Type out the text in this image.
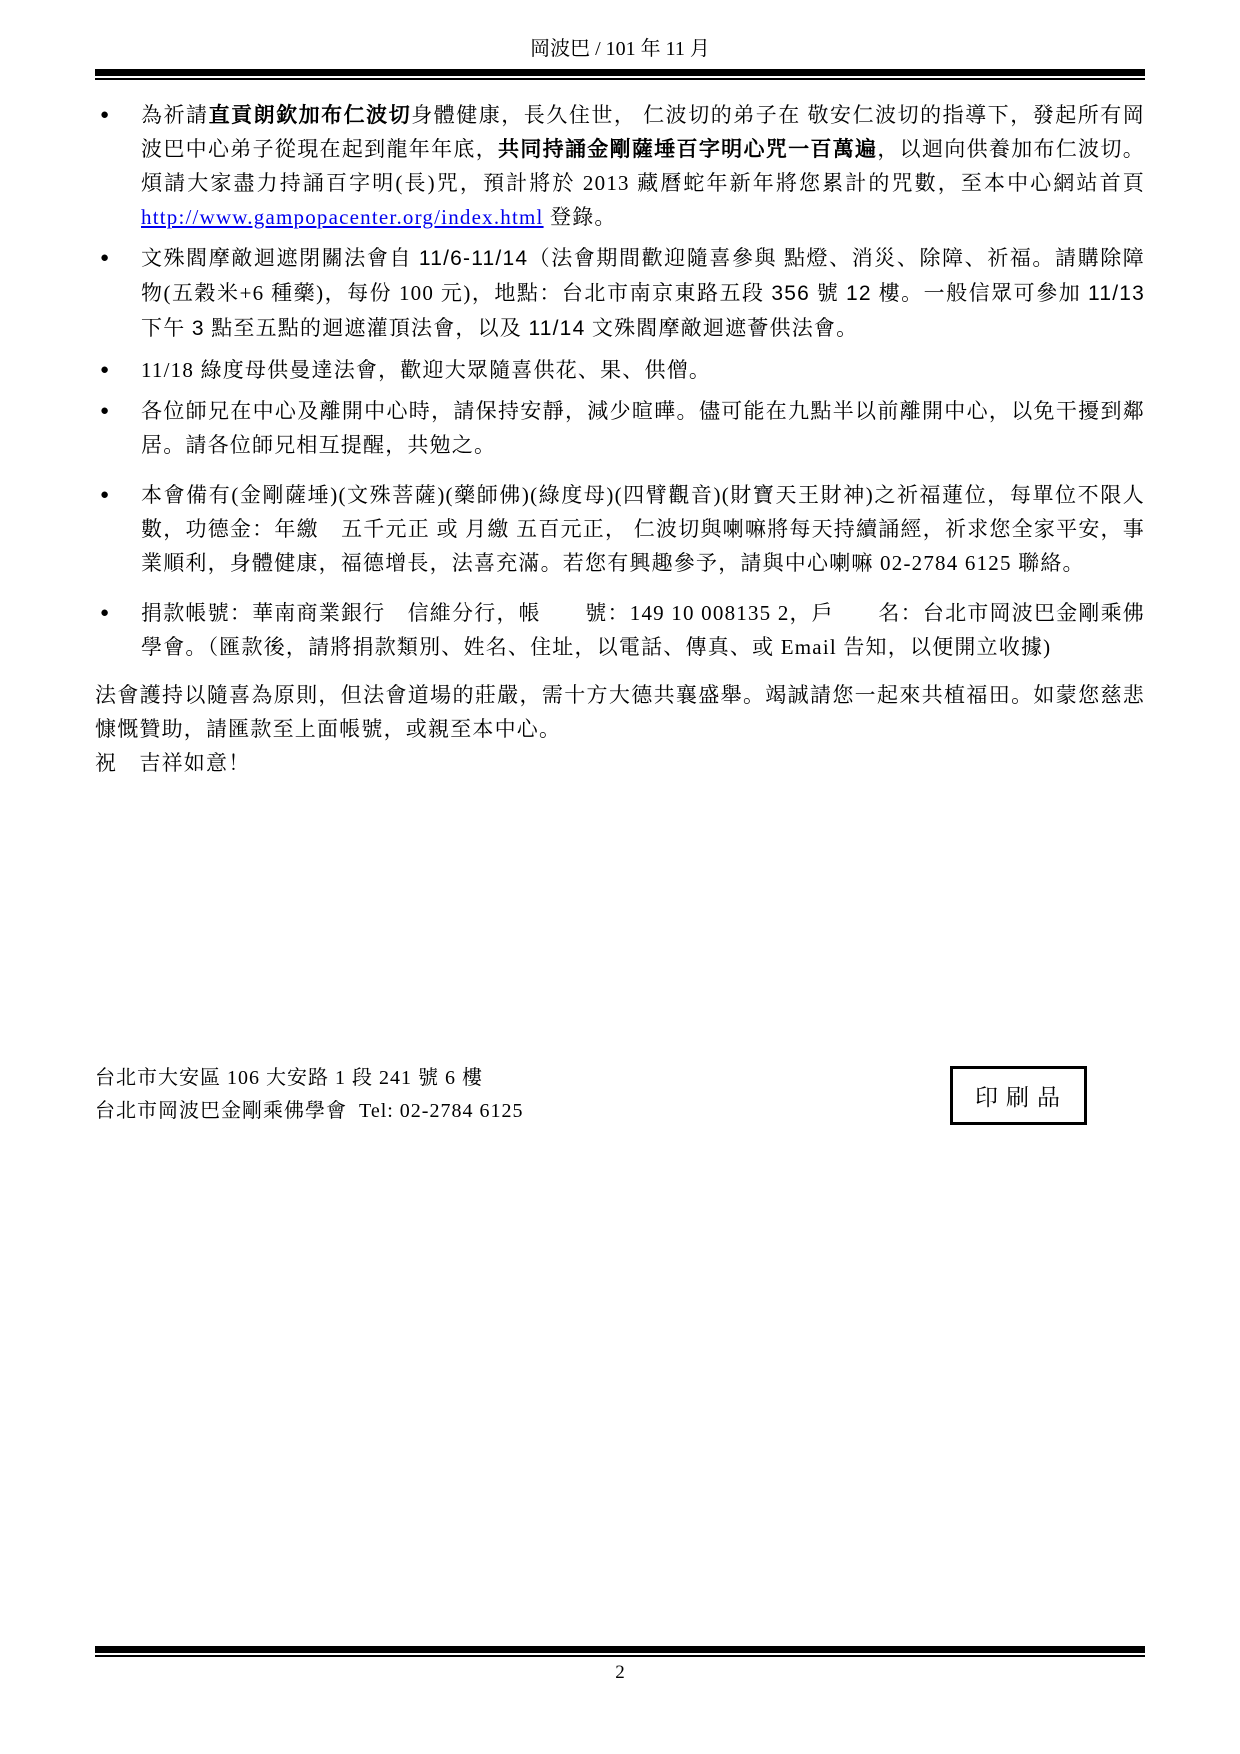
岡波巴 / 101 年 11 月
● 為祈請直貢朗欽加布仁波切身體健康，長久住世， 仁波切的弟子在 敬安仁波切的指導下，發起所有岡波巴中心弟子從現在起到龍年年底，共同持誦金剛薩埵百字明心咒一百萬遍，以迴向供養加布仁波切。 煩請大家盡力持誦百字明(長)咒，預計將於 2013 藏曆蛇年新年將您累計的咒數，至本中心網站首頁 http://www.gampopacenter.org/index.html 登錄。
● 文殊閻摩敵迴遮閉關法會自 11/6-11/14（法會期間歡迎隨喜參與 點燈、消災、除障、祈福。請購除障物(五穀米+6 種藥)，每份 100 元)，地點：台北市南京東路五段 356 號 12 樓。一般信眾可參加 11/13 下午 3 點至五點的迴遮灌頂法會，以及 11/14 文殊閻摩敵迴遮薈供法會。
● 11/18 綠度母供曼達法會，歡迎大眾隨喜供花、果、供僧。
● 各位師兄在中心及離開中心時，請保持安靜，減少暄曄。儘可能在九點半以前離開中心，以免干擾到鄰居。請各位師兄相互提醒，共勉之。
● 本會備有(金剛薩埵)(文殊菩薩)(藥師佛)(綠度母)(四臂觀音)(財寶天王財神)之祈福蓮位，每單位不限人數，功德金：年繳　五千元正 或 月繳 五百元正， 仁波切與喇嘛將每天持續誦經，祈求您全家平安，事業順利，身體健康，福德增長，法喜充滿。若您有興趣參予，請與中心喇嘛 02-2784 6125 聯絡。
● 捐款帳號：華南商業銀行　信維分行，帳　　號：149 10 008135 2，戶　　名：台北市岡波巴金剛乘佛學會。（匯款後，請將捐款類別、姓名、住址，以電話、傳真、或 Email 告知，以便開立收據)

法會護持以隨喜為原則，但法會道場的莊嚴，需十方大德共襄盛舉。竭誠請您一起來共植福田。如蒙您慈悲慷慨贊助，請匯款至上面帳號，或親至本中心。

祝　吉祥如意！

台北市大安區 106 大安路 1 段 241 號 6 樓
台北市岡波巴金剛乘佛學會  Tel: 02-2784 6125
印刷品
2
